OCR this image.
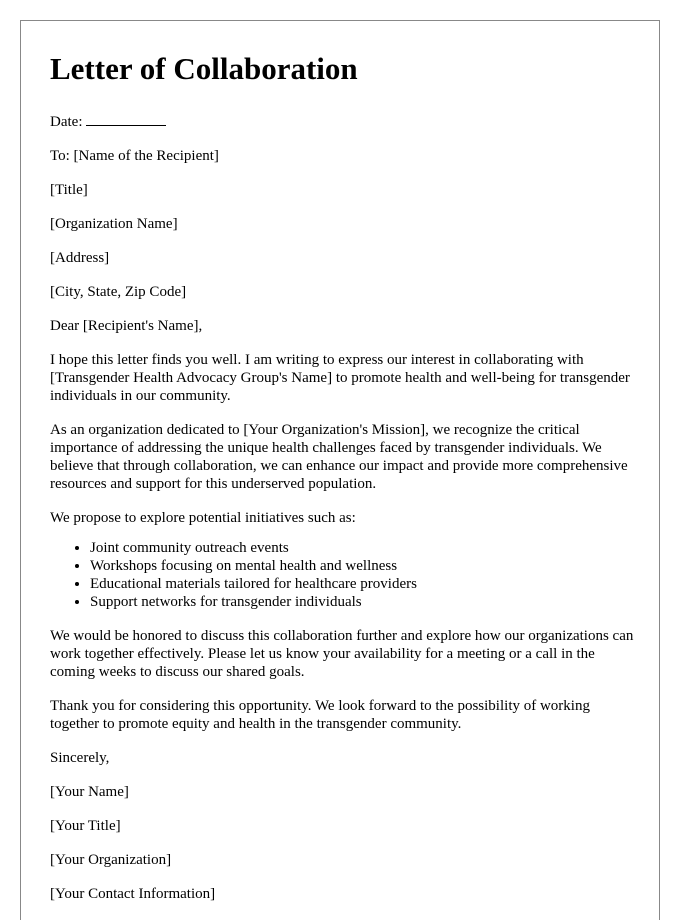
Letter of Collaboration

Date:

To: [Name of the Recipient]

[Title]

[Organization Name]

[Address]

[City, State, Zip Code]

Dear [Recipient's Name],

I hope this letter finds you well. I am writing to express our interest in collaborating with [Transgender Health Advocacy Group's Name] to promote health and well-being for transgender individuals in our community.

As an organization dedicated to [Your Organization's Mission], we recognize the critical importance of addressing the unique health challenges faced by transgender individuals. We believe that through collaboration, we can enhance our impact and provide more comprehensive resources and support for this underserved population.

We propose to explore potential initiatives such as:

• Joint community outreach events
• Workshops focusing on mental health and wellness
• Educational materials tailored for healthcare providers
• Support networks for transgender individuals

We would be honored to discuss this collaboration further and explore how our organizations can work together effectively. Please let us know your availability for a meeting or a call in the coming weeks to discuss our shared goals.

Thank you for considering this opportunity. We look forward to the possibility of working together to promote equity and health in the transgender community.

Sincerely,

[Your Name]

[Your Title]

[Your Organization]

[Your Contact Information]
